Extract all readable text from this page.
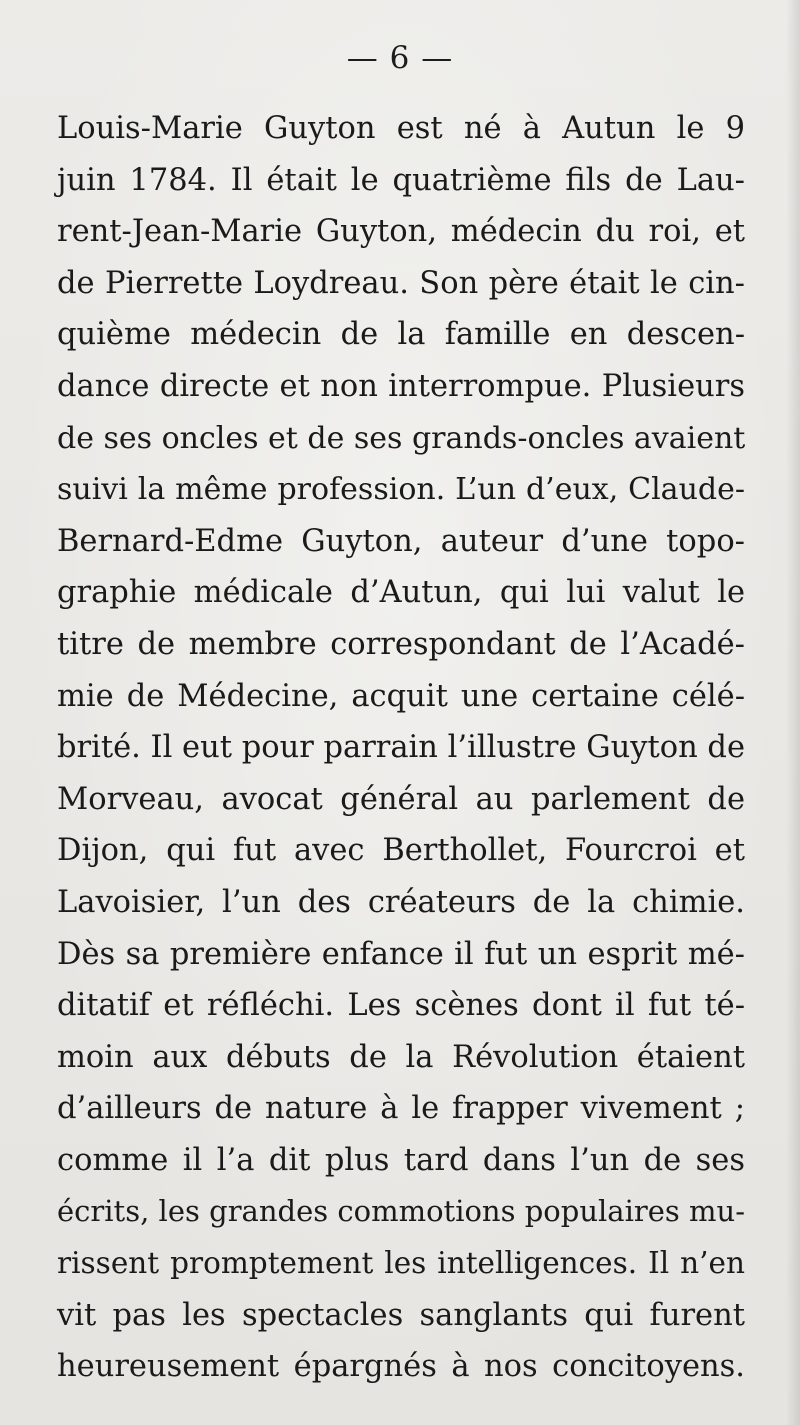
— 6 —
Louis-Marie Guyton est né à Autun le 9
juin 1784. Il était le quatrième fils de Lau-
rent-Jean-Marie Guyton, médecin du roi, et
de Pierrette Loydreau. Son père était le cin-
quième médecin de la famille en descen-
dance directe et non interrompue. Plusieurs
de ses oncles et de ses grands-oncles avaient
suivi la même profession. L’un d’eux, Claude-
Bernard-Edme Guyton, auteur d’une topo-
graphie médicale d’Autun, qui lui valut le
titre de membre correspondant de l’Acadé-
mie de Médecine, acquit une certaine célé-
brité. Il eut pour parrain l’illustre Guyton de
Morveau, avocat général au parlement de
Dijon, qui fut avec Berthollet, Fourcroi et
Lavoisier, l’un des créateurs de la chimie.
Dès sa première enfance il fut un esprit mé-
ditatif et réfléchi. Les scènes dont il fut té-
moin aux débuts de la Révolution étaient
d’ailleurs de nature à le frapper vivement ;
comme il l’a dit plus tard dans l’un de ses
écrits, les grandes commotions populaires mu-
rissent promptement les intelligences. Il n’en
vit pas les spectacles sanglants qui furent
heureusement épargnés à nos concitoyens.
